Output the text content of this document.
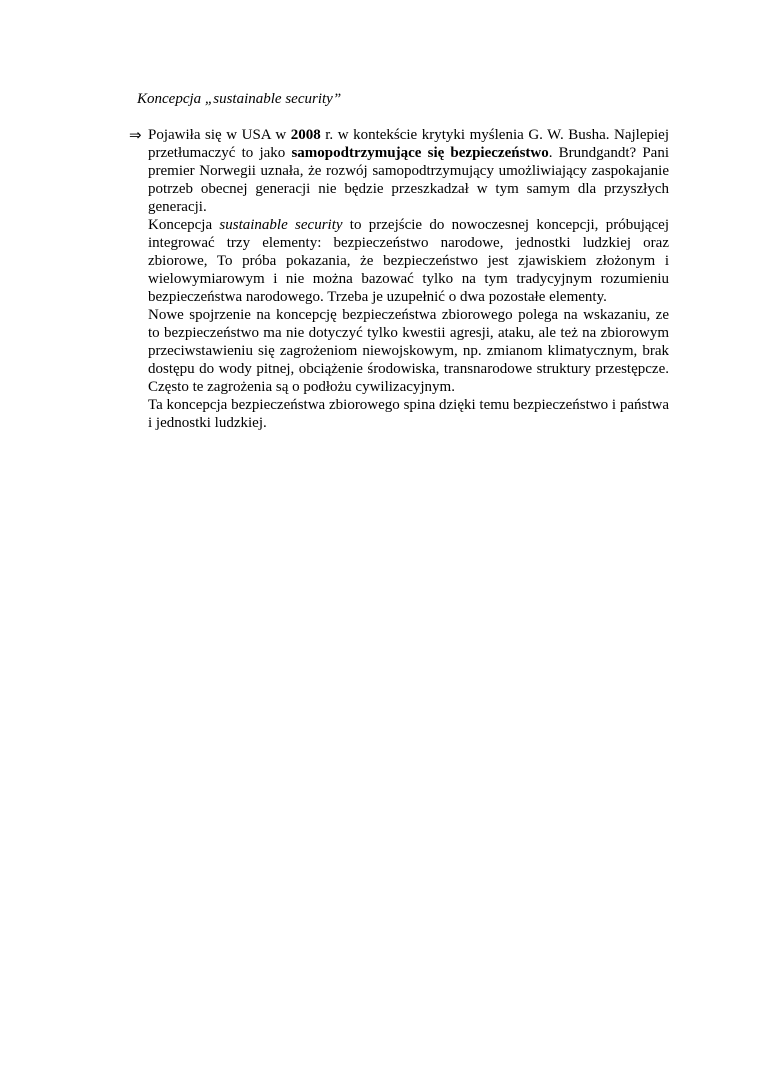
Koncepcja „sustainable security”
⇒ Pojawiła się w USA w 2008 r. w kontekście krytyki myślenia G. W. Busha. Najlepiej przetłumaczyć to jako samopodtrzymujące się bezpieczeństwo. Brundgandt? Pani premier Norwegii uznała, że rozwój samopodtrzymujący umożliwiający zaspokajanie potrzeb obecnej generacji nie będzie przeszkadzał w tym samym dla przyszłych generacji.

Koncepcja sustainable security to przejście do nowoczesnej koncepcji, próbującej integrować trzy elementy: bezpieczeństwo narodowe, jednostki ludzkiej oraz zbiorowe, To próba pokazania, że bezpieczeństwo jest zjawiskiem złożonym i wielowymiarowym i nie można bazować tylko na tym tradycyjnym rozumieniu bezpieczeństwa narodowego. Trzeba je uzupełnić o dwa pozostałe elementy.

Nowe spojrzenie na koncepcję bezpieczeństwa zbiorowego polega na wskazaniu, ze to bezpieczeństwo ma nie dotyczyć tylko kwestii agresji, ataku, ale też na zbiorowym przeciwstawieniu się zagrożeniom niewojskowym, np. zmianom klimatycznym, brak dostępu do wody pitnej, obciążenie środowiska, transnarodowe struktury przestępcze. Często te zagrożenia są o podłożu cywilizacyjnym.

Ta koncepcja bezpieczeństwa zbiorowego spina dzięki temu bezpieczeństwo i państwa i jednostki ludzkiej.
